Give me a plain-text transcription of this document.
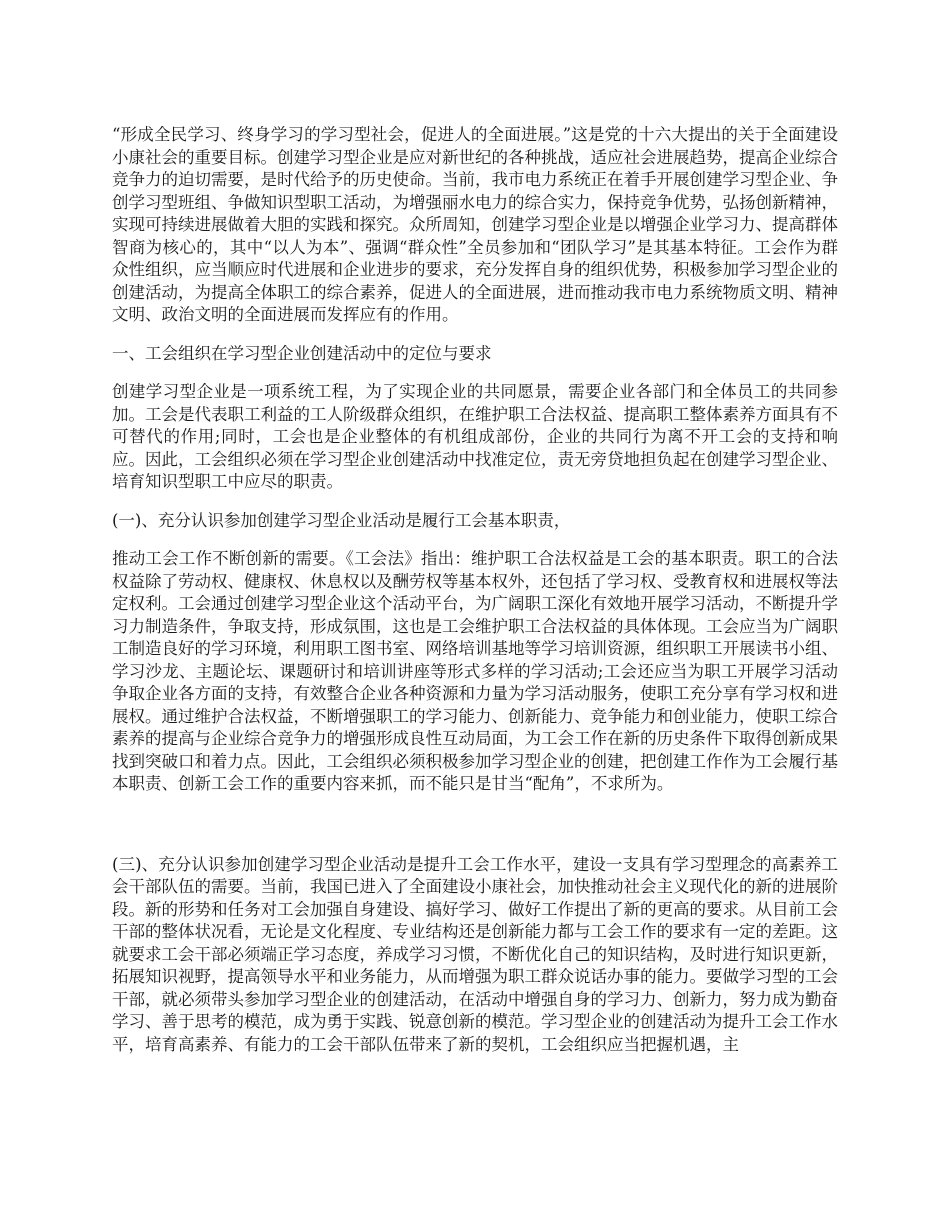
“形成全民学习、终身学习的学习型社会，促进人的全面进展。”这是党的十六大提出的关于全面建设小康社会的重要目标。创建学习型企业是应对新世纪的各种挑战，适应社会进展趋势，提高企业综合竞争力的迫切需要，是时代给予的历史使命。当前，我市电力系统正在着手开展创建学习型企业、争创学习型班组、争做知识型职工活动，为增强丽水电力的综合实力，保持竞争优势，弘扬创新精神，实现可持续进展做着大胆的实践和探究。众所周知，创建学习型企业是以增强企业学习力、提高群体智商为核心的，其中“以人为本”、强调“群众性”全员参加和“团队学习”是其基本特征。工会作为群众性组织，应当顺应时代进展和企业进步的要求，充分发挥自身的组织优势，积极参加学习型企业的创建活动，为提高全体职工的综合素养，促进人的全面进展，进而推动我市电力系统物质文明、精神文明、政治文明的全面进展而发挥应有的作用。

一、工会组织在学习型企业创建活动中的定位与要求

创建学习型企业是一项系统工程，为了实现企业的共同愿景，需要企业各部门和全体员工的共同参加。工会是代表职工利益的工人阶级群众组织，在维护职工合法权益、提高职工整体素养方面具有不可替代的作用;同时，工会也是企业整体的有机组成部份，企业的共同行为离不开工会的支持和响应。因此，工会组织必须在学习型企业创建活动中找准定位，责无旁贷地担负起在创建学习型企业、培育知识型职工中应尽的职责。

(一)、充分认识参加创建学习型企业活动是履行工会基本职责，

推动工会工作不断创新的需要。《工会法》指出：维护职工合法权益是工会的基本职责。职工的合法权益除了劳动权、健康权、休息权以及酬劳权等基本权外，还包括了学习权、受教育权和进展权等法定权利。工会通过创建学习型企业这个活动平台，为广阔职工深化有效地开展学习活动，不断提升学习力制造条件，争取支持，形成氛围，这也是工会维护职工合法权益的具体体现。工会应当为广阔职工制造良好的学习环境，利用职工图书室、网络培训基地等学习培训资源，组织职工开展读书小组、学习沙龙、主题论坛、课题研讨和培训讲座等形式多样的学习活动;工会还应当为职工开展学习活动争取企业各方面的支持，有效整合企业各种资源和力量为学习活动服务，使职工充分享有学习权和进展权。通过维护合法权益，不断增强职工的学习能力、创新能力、竞争能力和创业能力，使职工综合素养的提高与企业综合竞争力的增强形成良性互动局面，为工会工作在新的历史条件下取得创新成果找到突破口和着力点。因此，工会组织必须积极参加学习型企业的创建，把创建工作作为工会履行基本职责、创新工会工作的重要内容来抓，而不能只是甘当“配角”，不求所为。

(三)、充分认识参加创建学习型企业活动是提升工会工作水平，建设一支具有学习型理念的高素养工会干部队伍的需要。当前，我国已进入了全面建设小康社会，加快推动社会主义现代化的新的进展阶段。新的形势和任务对工会加强自身建设、搞好学习、做好工作提出了新的更高的要求。从目前工会干部的整体状况看，无论是文化程度、专业结构还是创新能力都与工会工作的要求有一定的差距。这就要求工会干部必须端正学习态度，养成学习习惯，不断优化自己的知识结构，及时进行知识更新，拓展知识视野，提高领导水平和业务能力，从而增强为职工群众说话办事的能力。要做学习型的工会干部，就必须带头参加学习型企业的创建活动，在活动中增强自身的学习力、创新力，努力成为勤奋学习、善于思考的模范，成为勇于实践、锐意创新的模范。学习型企业的创建活动为提升工会工作水平，培育高素养、有能力的工会干部队伍带来了新的契机，工会组织应当把握机遇，主
